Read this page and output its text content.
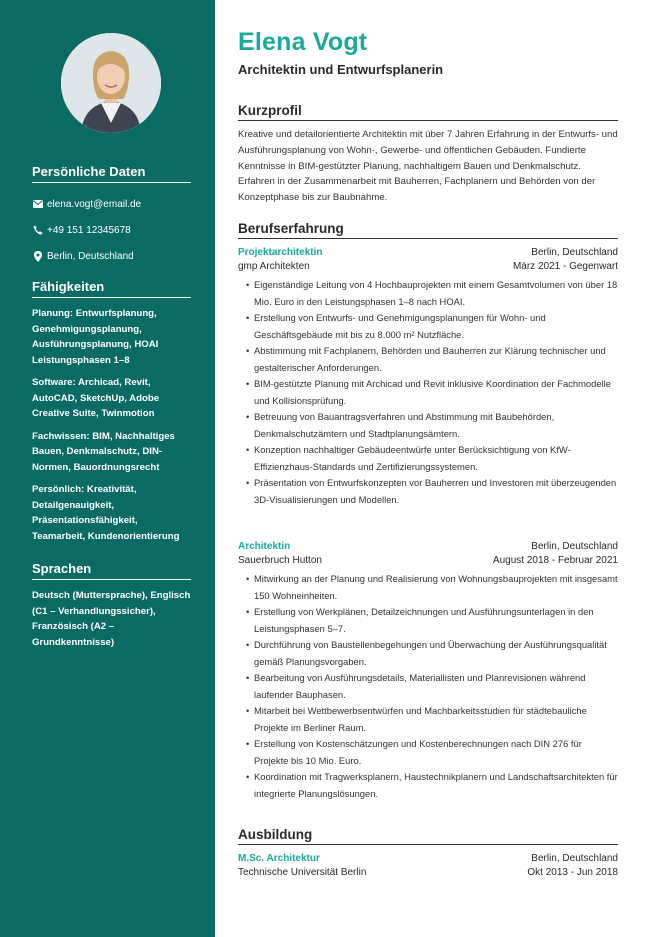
Persönliche Daten
elena.vogt@email.de
+49 151 12345678
Berlin, Deutschland
Fähigkeiten
Planung: Entwurfsplanung, Genehmigungsplanung, Ausführungsplanung, HOAI Leistungsphasen 1–8
Software: Archicad, Revit, AutoCAD, SketchUp, Adobe Creative Suite, Twinmotion
Fachwissen: BIM, Nachhaltiges Bauen, Denkmalschutz, DIN-Normen, Bauordnungsrecht
Persönlich: Kreativität, Detailgenauigkeit, Präsentationsfähigkeit, Teamarbeit, Kundenorientierung
Sprachen
Deutsch (Muttersprache), Englisch (C1 – Verhandlungssicher), Französisch (A2 – Grundkenntnisse)
Elena Vogt
Architektin und Entwurfsplanerin
Kurzprofil
Kreative und detailorientierte Architektin mit über 7 Jahren Erfahrung in der Entwurfs- und Ausführungsplanung von Wohn-, Gewerbe- und öffentlichen Gebäuden. Fundierte Kenntnisse in BIM-gestützter Planung, nachhaltigem Bauen und Denkmalschutz. Erfahren in der Zusammenarbeit mit Bauherren, Fachplanern und Behörden von der Konzeptphase bis zur Baubnahme.
Berufserfahrung
Projektarchitektin	Berlin, Deutschland
gmp Architekten	März 2021 - Gegenwart
• Eigenständige Leitung von 4 Hochbauprojekten mit einem Gesamtvolumen von über 18 Mio. Euro in den Leistungsphasen 1–8 nach HOAI.
• Erstellung von Entwurfs- und Genehmigungsplanungen für Wohn- und Geschäftsgebäude mit bis zu 8.000 m² Nutzfläche.
• Abstimmung mit Fachplanern, Behörden und Bauherren zur Klärung technischer und gestalterischer Anforderungen.
• BIM-gestützte Planung mit Archicad und Revit inklusive Koordination der Fachmodelle und Kollisionsprüfung.
• Betreuung von Bauantragsverfahren und Abstimmung mit Baubehörden, Denkmalschutzämtern und Stadtplanungsämtern.
• Konzeption nachhaltiger Gebäudeentwürfe unter Berücksichtigung von KfW-Effizienzhaus-Standards und Zertifizierungssystemen.
• Präsentation von Entwurfskonzepten vor Bauherren und Investoren mit überzeugenden 3D-Visualisierungen und Modellen.
Architektin	Berlin, Deutschland
Sauerbruch Hutton	August 2018 - Februar 2021
• Mitwirkung an der Planung und Realisierung von Wohnungsbauprojekten mit insgesamt 150 Wohneinheiten.
• Erstellung von Werkplänen, Detailzeichnungen und Ausführungsunterlagen in den Leistungsphasen 5–7.
• Durchführung von Baustellenbegehungen und Überwachung der Ausführungsqualität gemäß Planungsvorgaben.
• Bearbeitung von Ausführungsdetails, Materiallisten und Planrevisionen während laufender Bauphasen.
• Mitarbeit bei Wettbewerbsentwürfen und Machbarkeitsstudien für städtebauliche Projekte im Berliner Raum.
• Erstellung von Kostenschätzungen und Kostenberechnungen nach DIN 276 für Projekte bis 10 Mio. Euro.
• Koordination mit Tragwerksplanern, Haustechnikplanern und Landschaftsarchitekten für integrierte Planungslösungen.
Ausbildung
M.Sc. Architektur	Berlin, Deutschland
Technische Universität Berlin	Okt 2013 - Jun 2018
